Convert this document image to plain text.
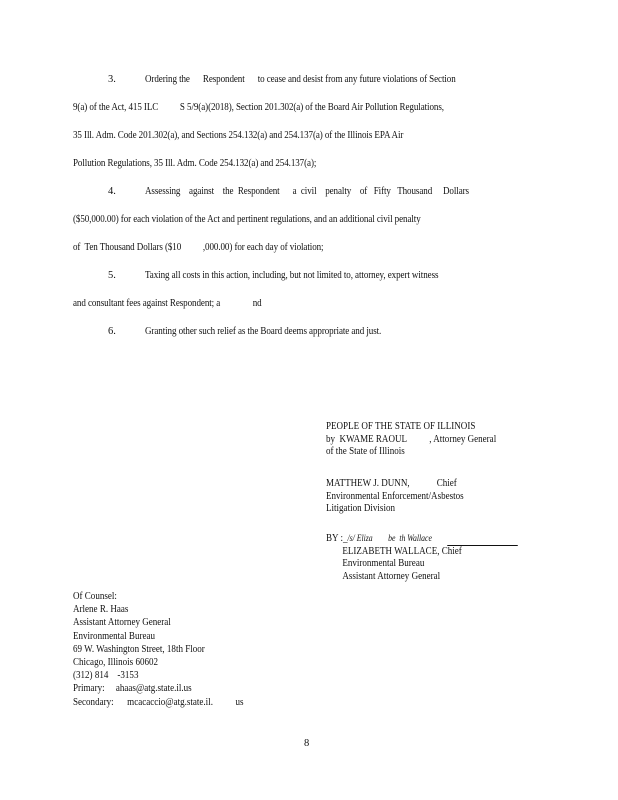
3.	Ordering the      Respondent      to cease and desist from any future violations of Section
9(a) of the Act, 415 ILC          S 5/9(a)(2018), Section 201.302(a) of the Board Air Pollution Regulations,
35 Ill. Adm. Code 201.302(a), and Sections 254.132(a) and 254.137(a) of the Illinois EPA Air
Pollution Regulations, 35 Ill. Adm. Code 254.132(a) and 254.137(a);
4.	Assessing    against    the  Respondent      a  civil    penalty    of   Fifty   Thousand     Dollars
($50,000.00) for each violation of the Act and pertinent regulations, and an additional civil penalty
of  Ten Thousand Dollars ($10          ,000.00) for each day of violation;
5.	Taxing all costs in this action, including, but not limited to, attorney, expert witness
and consultant fees against Respondent; a               nd
6.	Granting other such relief as the Board deems appropriate and just.
PEOPLE OF THE STATE OF ILLINOIS
by  KWAME RAOUL          , Attorney General
of the State of Illinois
MATTHEW J. DUNN,            Chief
Environmental Enforcement/Asbestos
Litigation Division
BY :_/s/ Eliza        be  th Wallace
ELIZABETH WALLACE, Chief
Environmental Bureau
Assistant Attorney General
Of Counsel:
Arlene R. Haas
Assistant Attorney General
Environmental Bureau
69 W. Washington Street, 18th Floor
Chicago, Illinois 60602
(312) 814    -3153
Primary:     ahaas@atg.state.il.us
Secondary:      mcacaccio@atg.state.il.          us
8
